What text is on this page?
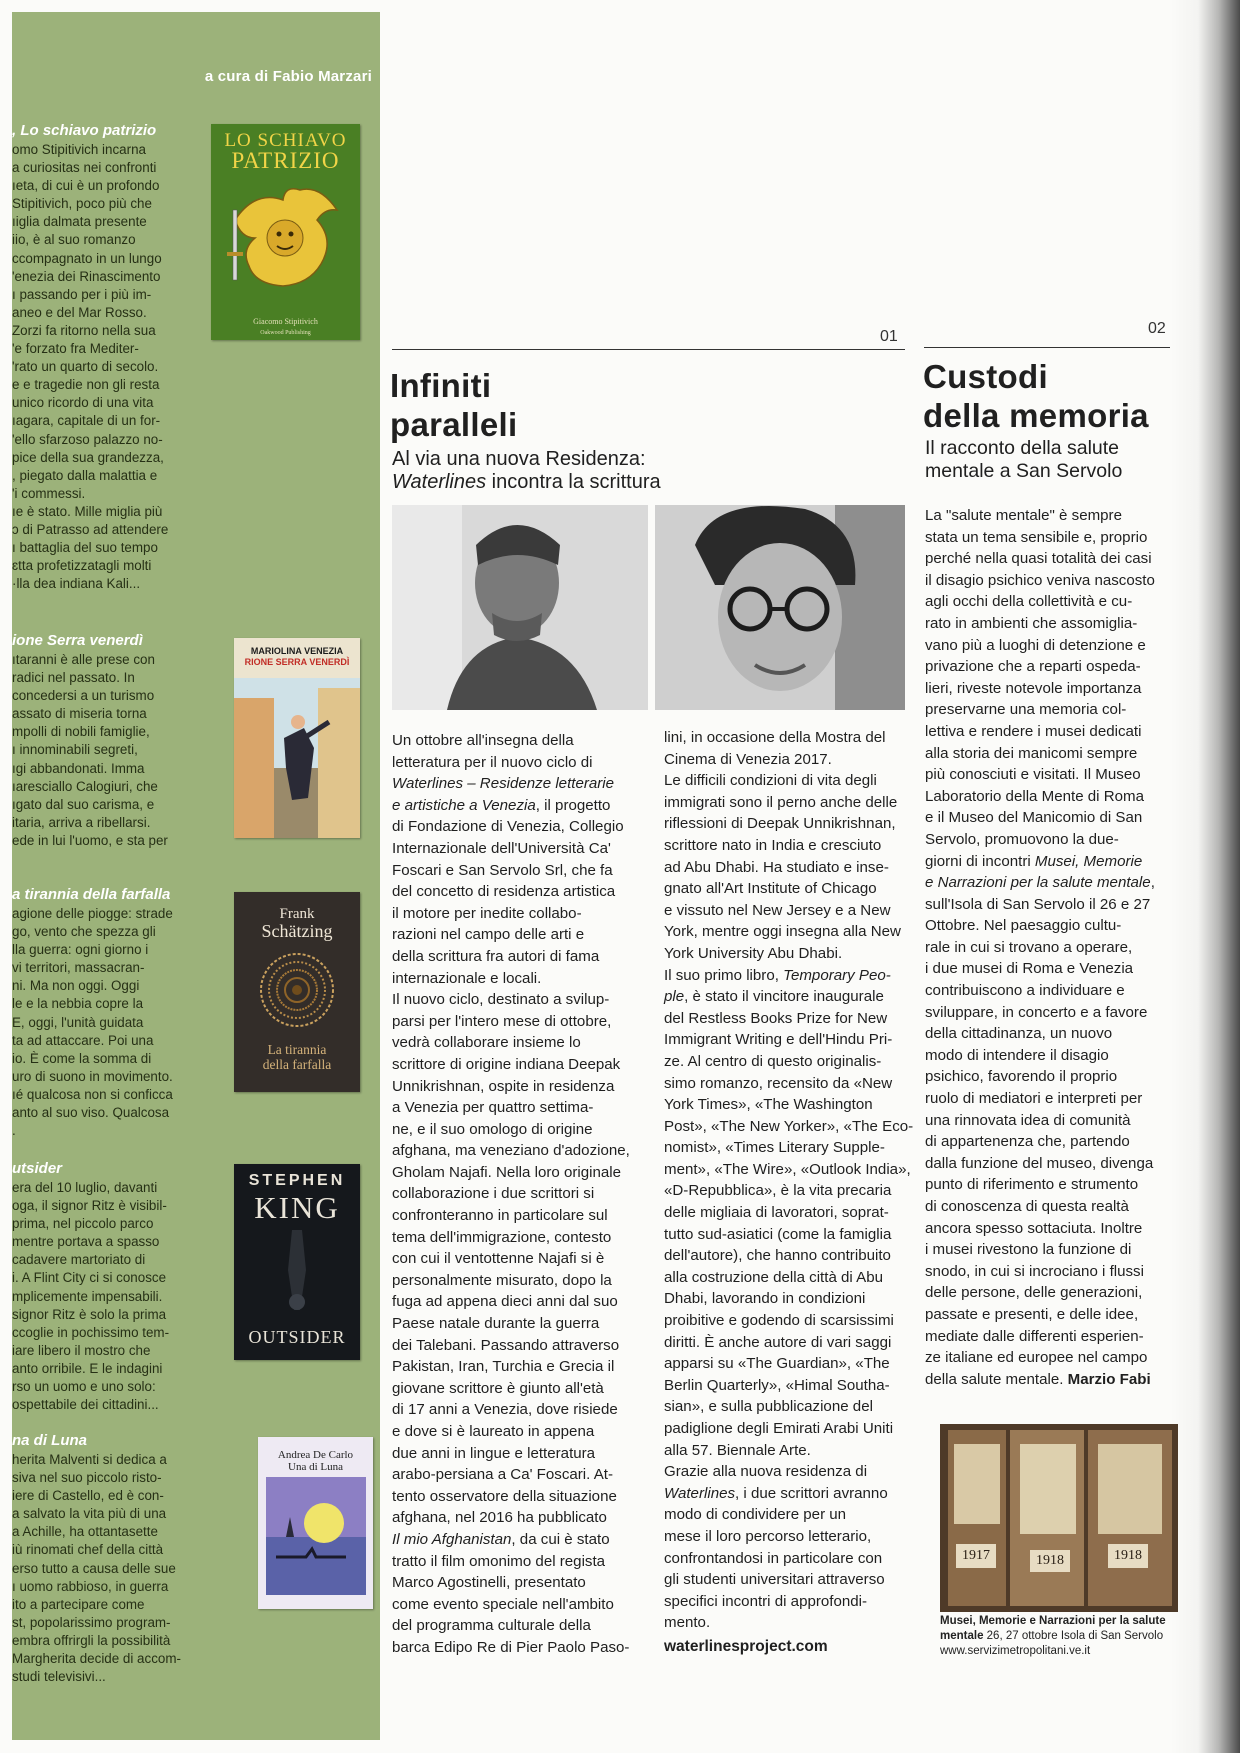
a cura di Fabio Marzari
, Lo schiavo patrizio
omo Stipitivich incarna
a curiositas nei confronti
ıeta, di cui è un profondo
Stipitivich, poco più che
ıiglia dalmata presente
iio, è al suo romanzo
ccompagnato in un lungo
'enezia dei Rinascimento
ı passando per i più im-
aneo e del Mar Rosso.
Zorzi fa ritorno nella sua
'e forzato fra Mediter-
'rato un quarto di secolo.
e e tragedie non gli resta
unico ricordo di una vita
ıagara, capitale di un for-
'ello sfarzoso palazzo no-
pice della sua grandezza,
, piegato dalla malattia e
'i commessi.
ıe è stato. Mille miglia più
ɔ di Patrasso ad attendere
ı battaglia del suo tempo
ɛtta profetizzatagli molti
·lla dea indiana Kali...
ione Serra venerdì
ıtaranni è alle prese con
radici nel passato. In
concedersi a un turismo
assato di miseria torna
mpolli di nobili famiglie,
ı innominabili segreti,
ıgi abbandonati. Imma
ıaresciallo Calogiuri, che
ıgato dal suo carisma, e
itaria, arriva a ribellarsi.
ede in lui l'uomo, e sta per
a tirannia della farfalla
agione delle piogge: strade
go, vento che spezza gli
lla guerra: ogni giorno i
vi territori, massacran-
ni. Ma non oggi. Oggi
le e la nebbia copre la
E, oggi, l'unità guidata
ta ad attaccare. Poi una
io. È come la somma di
uro di suono in movimento.
ıé qualcosa non si conficca
anto al suo viso. Qualcosa
.
utsider
era del 10 luglio, davanti
oga, il signor Ritz è visibil-
prima, nel piccolo parco
mentre portava a spasso
cadavere martoriato di
i. A Flint City ci si conosce
mplicemente impensabili.
signor Ritz è solo la prima
ccoglie in pochissimo tem-
iare libero il mostro che
anto orribile. E le indagini
rso un uomo e uno solo:
ospettabile dei cittadini...
na di Luna
herita Malventi si dedica a
siva nel suo piccolo risto-
iere di Castello, ed è con-
a salvato la vita più di una
a Achille, ha ottantasette
iù rinomati chef della città
erso tutto a causa delle sue
ı uomo rabbioso, in guerra
ito a partecipare come
st, popolarissimo program-
embra offrirgli la possibilità
Margherita decide di accom-
studi televisivi...
LO SCHIAVO
PATRIZIO
Giacomo Stipitivich
Oakwood Publishing
MARIOLINA VENEZIA
RIONE SERRA VENERDÌ
Frank
Schätzing
La tirannia
della farfalla
STEPHEN
KING
OUTSIDER
Andrea De Carlo
Una di Luna
01
Infiniti
paralleli
Al via una nuova Residenza:
Waterlines incontra la scrittura
Un ottobre all'insegna della
letteratura per il nuovo ciclo di
Waterlines – Residenze letterarie
e artistiche a Venezia, il progetto
di Fondazione di Venezia, Collegio
Internazionale dell'Università Ca'
Foscari e San Servolo Srl, che fa
del concetto di residenza artistica
il motore per inedite collabo-
razioni nel campo delle arti e
della scrittura fra autori di fama
internazionale e locali.
Il nuovo ciclo, destinato a svilup-
parsi per l'intero mese di ottobre,
vedrà collaborare insieme lo
scrittore di origine indiana Deepak
Unnikrishnan, ospite in residenza
a Venezia per quattro settima-
ne, e il suo omologo di origine
afghana, ma veneziano d'adozione,
Gholam Najafi. Nella loro originale
collaborazione i due scrittori si
confronteranno in particolare sul
tema dell'immigrazione, contesto
con cui il ventottenne Najafi si è
personalmente misurato, dopo la
fuga ad appena dieci anni dal suo
Paese natale durante la guerra
dei Talebani. Passando attraverso
Pakistan, Iran, Turchia e Grecia il
giovane scrittore è giunto all'età
di 17 anni a Venezia, dove risiede
e dove si è laureato in appena
due anni in lingue e letteratura
arabo-persiana a Ca' Foscari. At-
tento osservatore della situazione
afghana, nel 2016 ha pubblicato
Il mio Afghanistan, da cui è stato
tratto il film omonimo del regista
Marco Agostinelli, presentato
come evento speciale nell'ambito
del programma culturale della
barca Edipo Re di Pier Paolo Paso-
lini, in occasione della Mostra del
Cinema di Venezia 2017.
Le difficili condizioni di vita degli
immigrati sono il perno anche delle
riflessioni di Deepak Unnikrishnan,
scrittore nato in India e cresciuto
ad Abu Dhabi. Ha studiato e inse-
gnato all'Art Institute of Chicago
e vissuto nel New Jersey e a New
York, mentre oggi insegna alla New
York University Abu Dhabi.
Il suo primo libro, Temporary Peo-
ple, è stato il vincitore inaugurale
del Restless Books Prize for New
Immigrant Writing e dell'Hindu Pri-
ze. Al centro di questo originalis-
simo romanzo, recensito da «New
York Times», «The Washington
Post», «The New Yorker», «The Eco-
nomist», «Times Literary Supple-
ment», «The Wire», «Outlook India»,
«D-Repubblica», è la vita precaria
delle migliaia di lavoratori, soprat-
tutto sud-asiatici (come la famiglia
dell'autore), che hanno contribuito
alla costruzione della città di Abu
Dhabi, lavorando in condizioni
proibitive e godendo di scarsissimi
diritti. È anche autore di vari saggi
apparsi su «The Guardian», «The
Berlin Quarterly», «Himal Southa-
sian», e sulla pubblicazione del
padiglione degli Emirati Arabi Uniti
alla 57. Biennale Arte.
Grazie alla nuova residenza di
Waterlines, i due scrittori avranno
modo di condividere per un
mese il loro percorso letterario,
confrontandosi in particolare con
gli studenti universitari attraverso
specifici incontri di approfondi-
mento.

waterlinesproject.com

02
Custodi
della memoria
Il racconto della salute
mentale a San Servolo
La "salute mentale" è sempre
stata un tema sensibile e, proprio
perché nella quasi totalità dei casi
il disagio psichico veniva nascosto
agli occhi della collettività e cu-
rato in ambienti che assomiglia-
vano più a luoghi di detenzione e
privazione che a reparti ospeda-
lieri, riveste notevole importanza
preservarne una memoria col-
lettiva e rendere i musei dedicati
alla storia dei manicomi sempre
più conosciuti e visitati. Il Museo
Laboratorio della Mente di Roma
e il Museo del Manicomio di San
Servolo, promuovono la due-
giorni di incontri Musei, Memorie
e Narrazioni per la salute mentale,
sull'Isola di San Servolo il 26 e 27
Ottobre. Nel paesaggio cultu-
rale in cui si trovano a operare,
i due musei di Roma e Venezia
contribuiscono a individuare e
sviluppare, in concerto e a favore
della cittadinanza, un nuovo
modo di intendere il disagio
psichico, favorendo il proprio
ruolo di mediatori e interpreti per
una rinnovata idea di comunità
di appartenenza che, partendo
dalla funzione del museo, divenga
punto di riferimento e strumento
di conoscenza di questa realtà
ancora spesso sottaciuta. Inoltre
i musei rivestono la funzione di
snodo, in cui si incrociano i flussi
delle persone, delle generazioni,
passate e presenti, e delle idee,
mediate dalle differenti esperien-
ze italiane ed europee nel campo
della salute mentale. Marzio Fabi
1917	1918	1918
Musei, Memorie e Narrazioni per la salute mentale 26, 27 ottobre Isola di San Servolo
www.servizimetropolitani.ve.it
